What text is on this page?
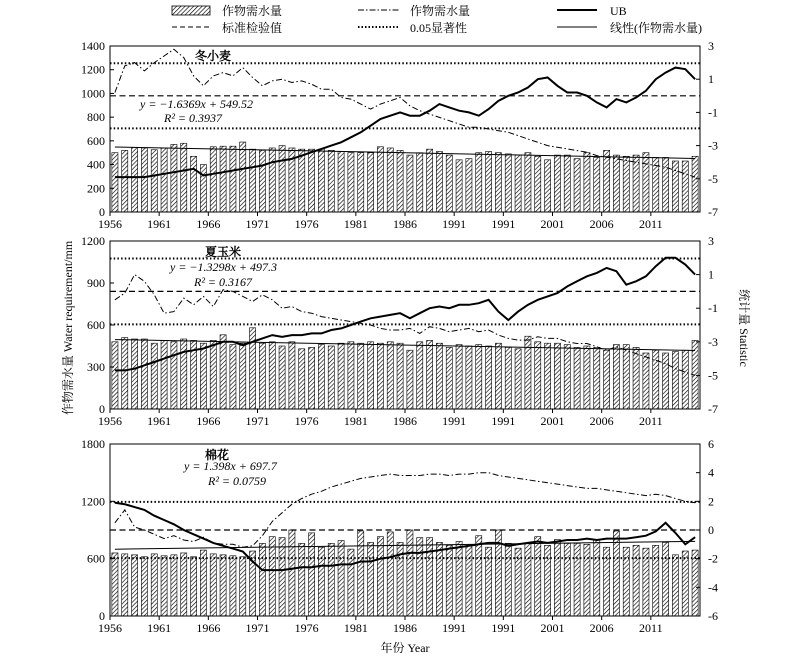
作物需水量	作物需水量	UB
标准检验值	0.05显著性	线性(作物需水量)
作物需水量 Water requirement/mm	统计量 Statistic
年份 Year
0
200
400
600
800
1000
1200
1400
-7
-5
-3
-1
1
3
1956 1961 1966 1971 1976 1981 1986 1991 1991 2001 2006 2011
冬小麦
y = −1.6369x + 549.52
R² = 0.3937
0
300
600
900
1200
-7
-5
-3
-1
1
3
1956 1961 1966 1971 1976 1981 1986 1991 1991 2001 2006 2011
夏玉米
y = −1.3298x + 497.3
R² = 0.3167
0
600
1200
1800
-6
-4
-2
0
2
4
6
1956 1961 1966 1971 1976 1981 1986 1991 1991 2001 2006 2011
棉花
y = 1.398x + 697.7
R² = 0.0759
